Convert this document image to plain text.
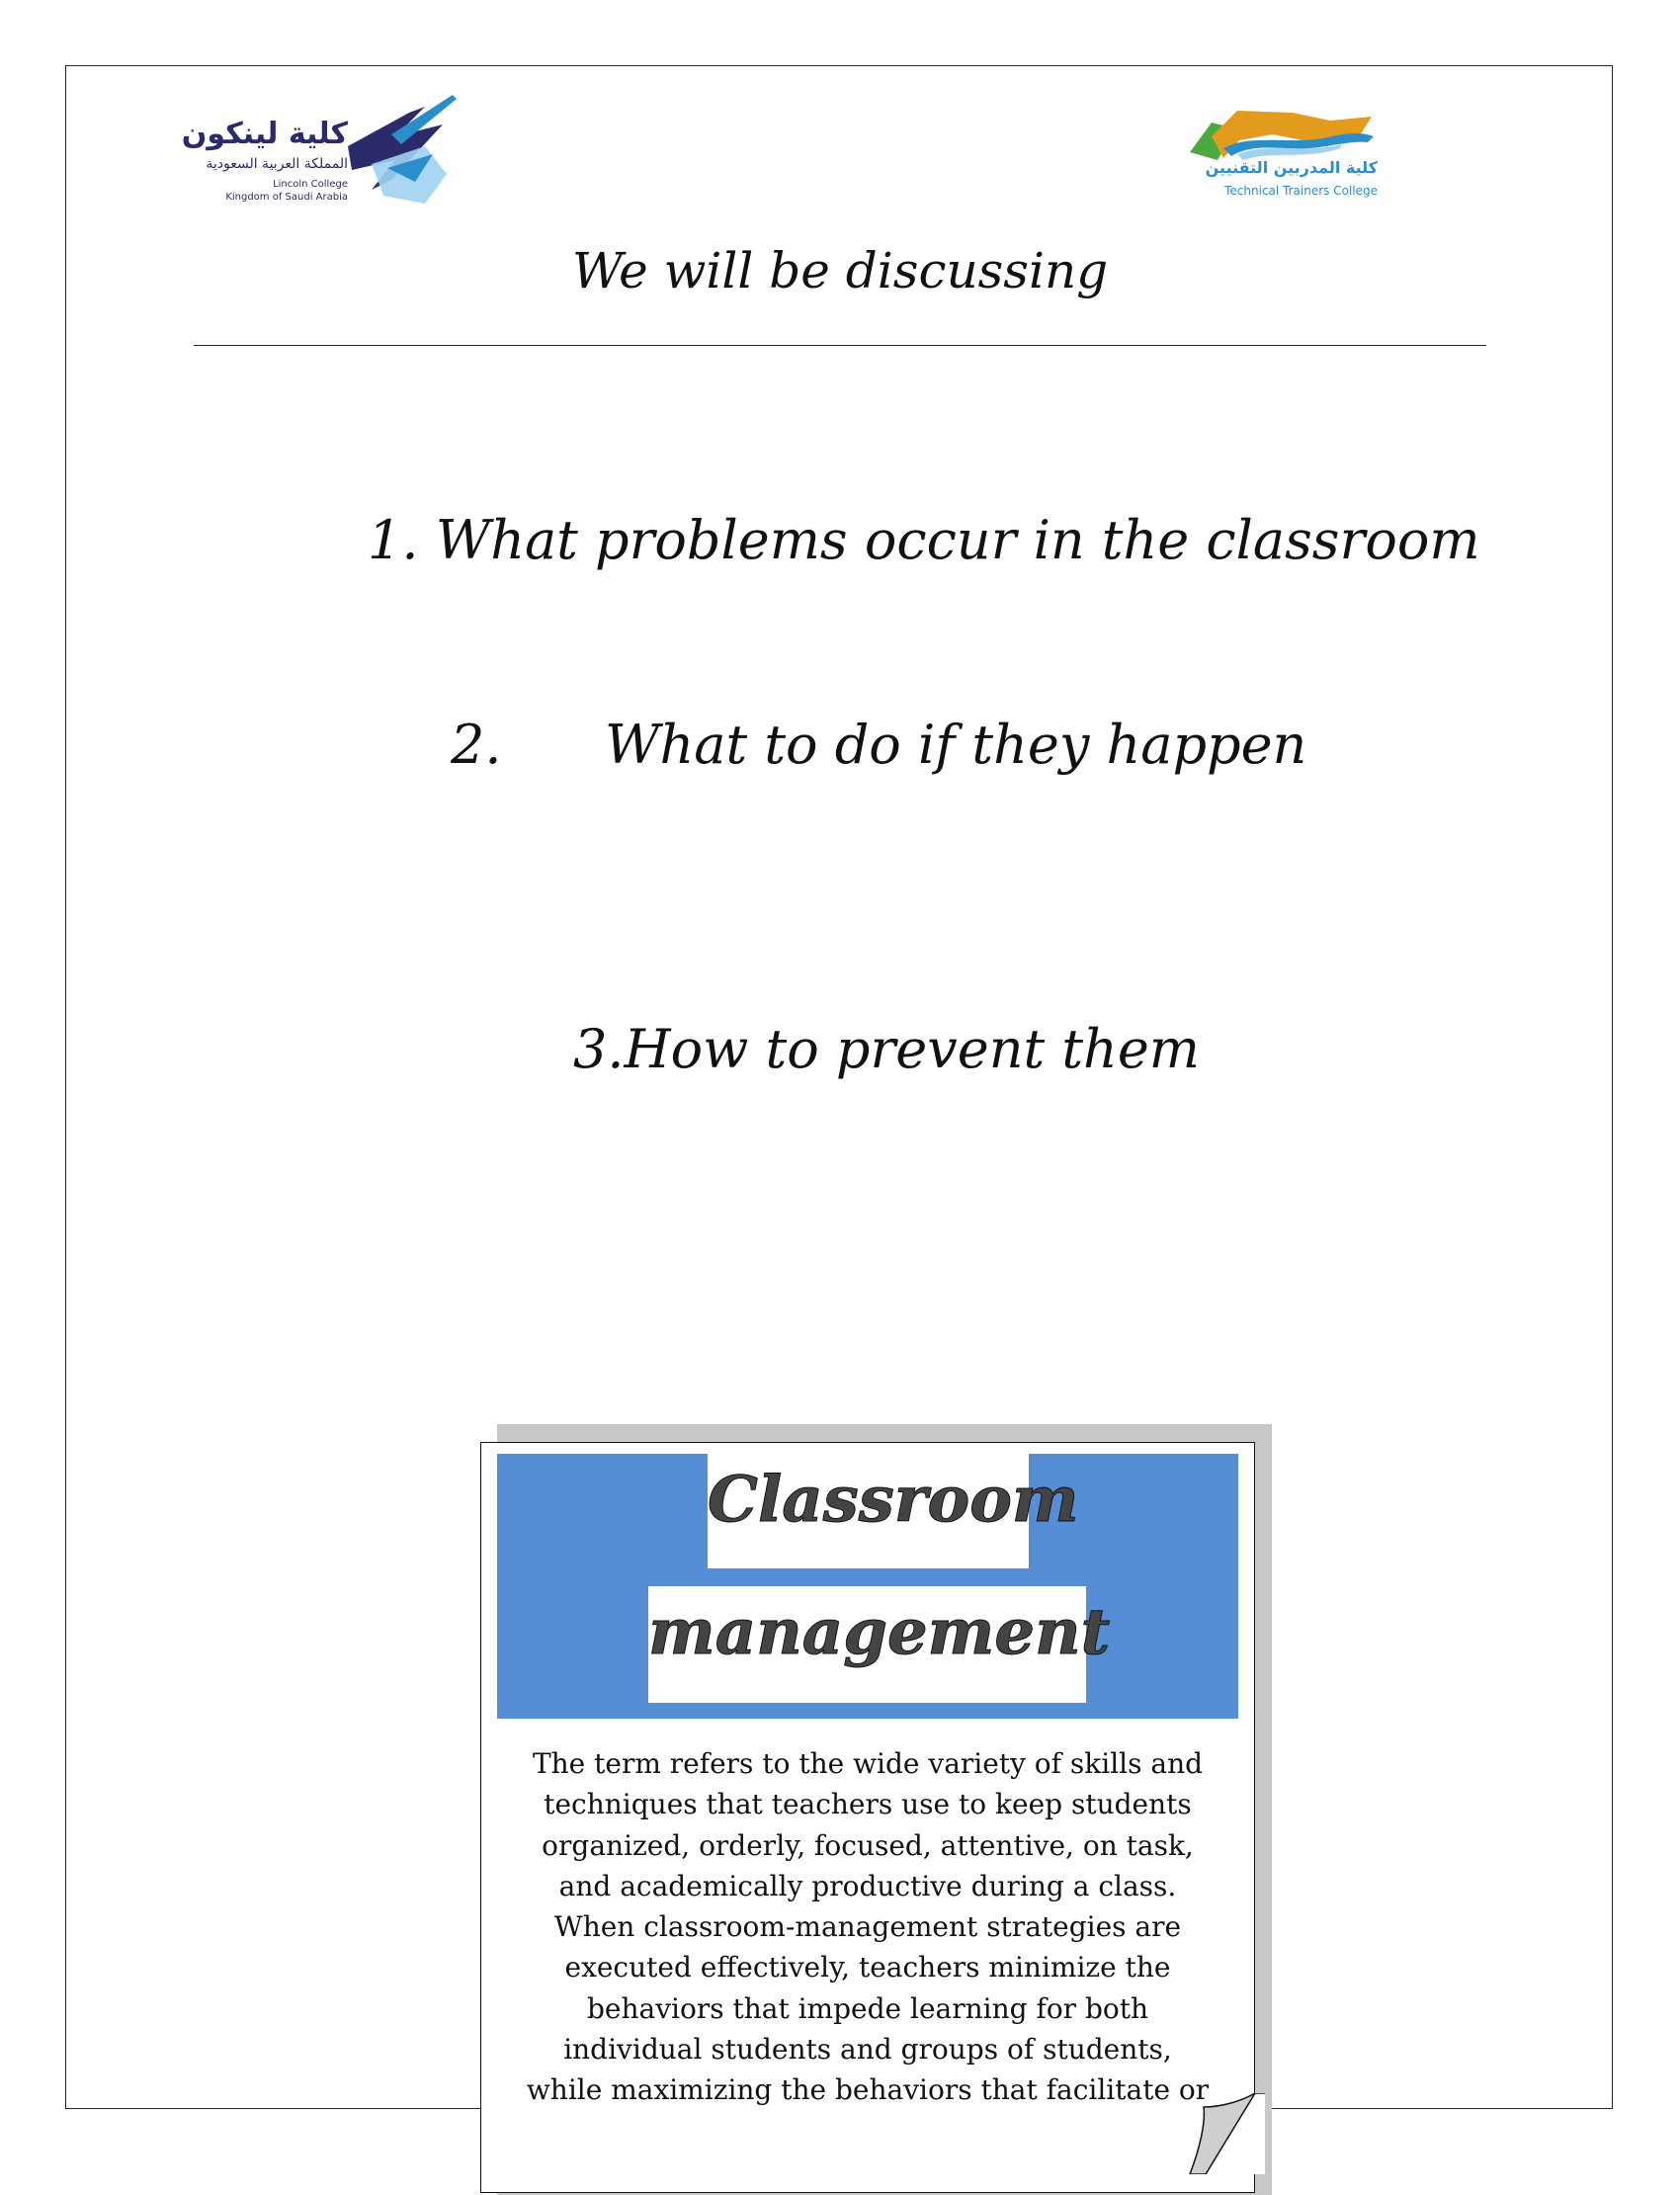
كلية لينكون
المملكة العربية السعودية
Lincoln College
Kingdom of Saudi Arabia
كلية المدربين التقنيين
Technical Trainers College
We will be discussing
1. What problems occur in the classroom
2. What to do if they happen
3.How to prevent them
Classroom
management
The term refers to the wide variety of skills and
techniques that teachers use to keep students
organized, orderly, focused, attentive, on task,
and academically productive during a class.
When classroom-management strategies are
executed effectively, teachers minimize the
behaviors that impede learning for both
individual students and groups of students,
while maximizing the behaviors that facilitate or
